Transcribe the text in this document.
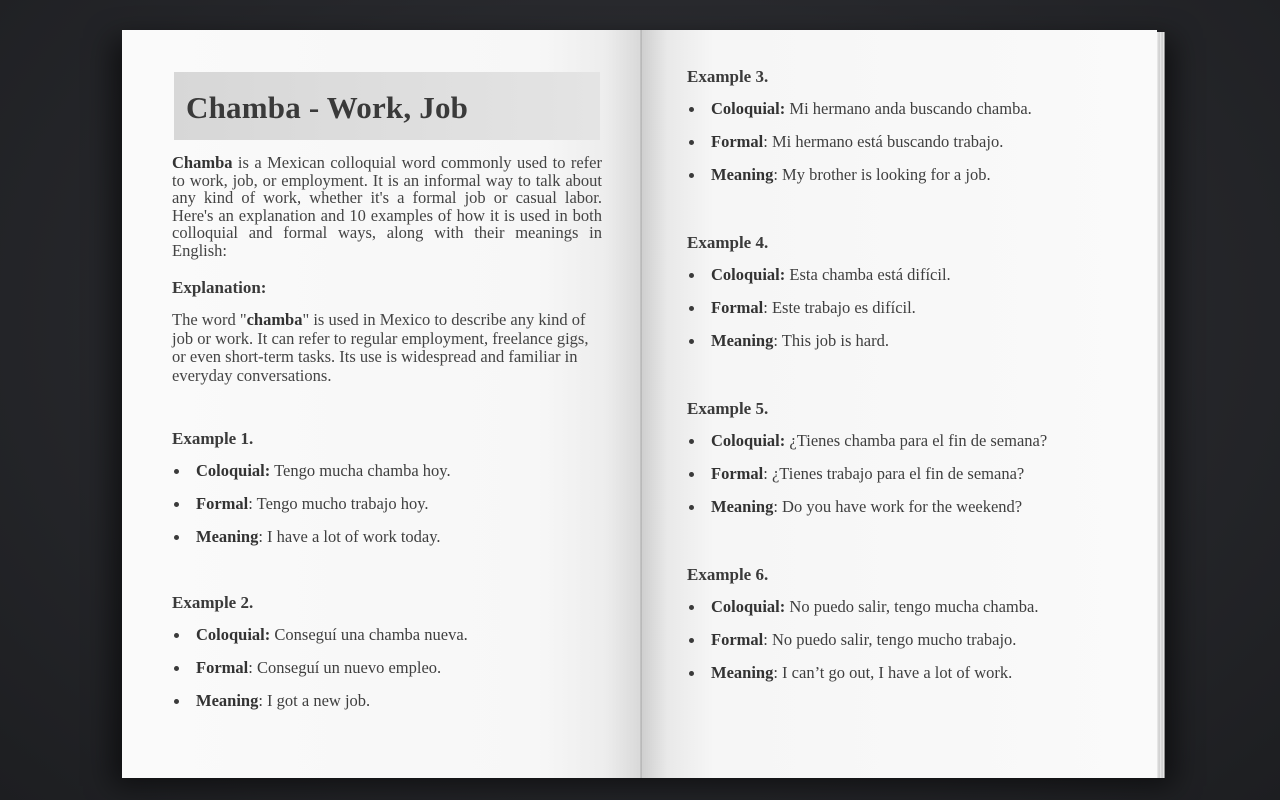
Chamba - Work, Job
Chamba is a Mexican colloquial word commonly used to refer to work, job, or employment. It is an informal way to talk about any kind of work, whether it's a formal job or casual labor. Here's an explanation and 10 examples of how it is used in both colloquial and formal ways, along with their meanings in English:
Explanation:
The word "chamba" is used in Mexico to describe any kind of job or work. It can refer to regular employment, freelance gigs, or even short-term tasks. Its use is widespread and familiar in everyday conversations.
Example 1.
Coloquial: Tengo mucha chamba hoy.
Formal: Tengo mucho trabajo hoy.
Meaning: I have a lot of work today.
Example 2.
Coloquial: Conseguí una chamba nueva.
Formal: Conseguí un nuevo empleo.
Meaning: I got a new job.
Example 3.
Coloquial: Mi hermano anda buscando chamba.
Formal: Mi hermano está buscando trabajo.
Meaning: My brother is looking for a job.
Example 4.
Coloquial: Esta chamba está difícil.
Formal: Este trabajo es difícil.
Meaning: This job is hard.
Example 5.
Coloquial: ¿Tienes chamba para el fin de semana?
Formal: ¿Tienes trabajo para el fin de semana?
Meaning: Do you have work for the weekend?
Example 6.
Coloquial: No puedo salir, tengo mucha chamba.
Formal: No puedo salir, tengo mucho trabajo.
Meaning: I can’t go out, I have a lot of work.
